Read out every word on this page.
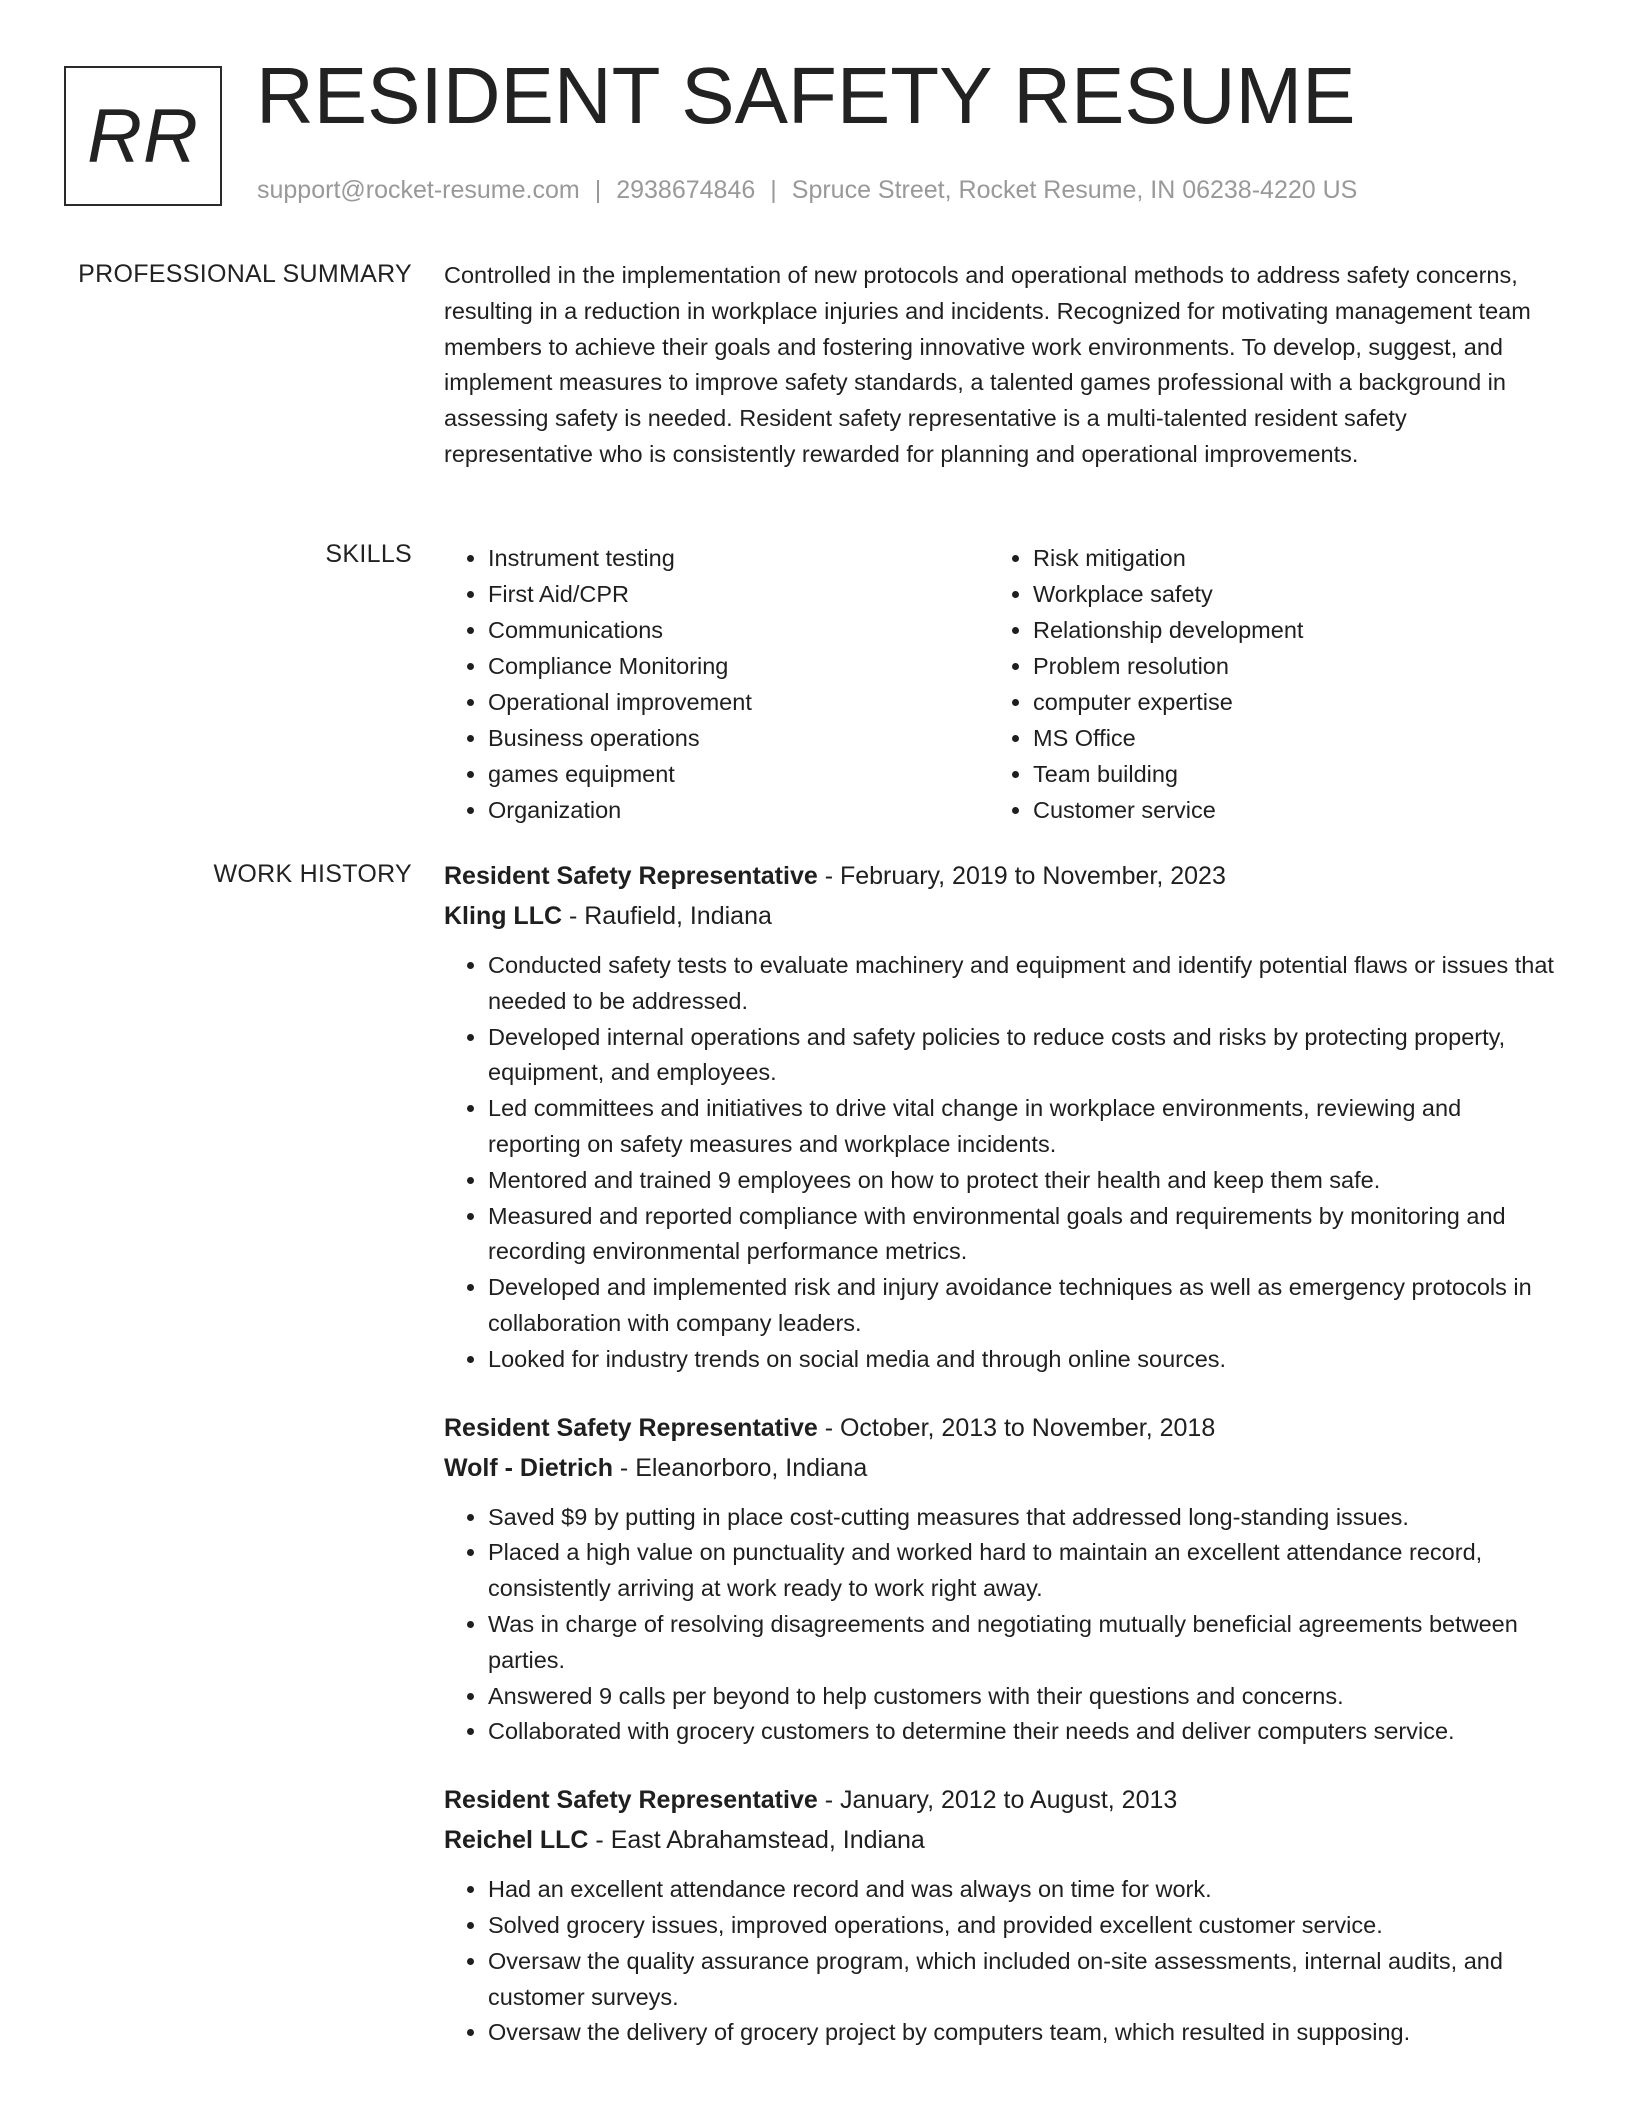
RR RESIDENT SAFETY RESUME
support@rocket-resume.com | 2938674846 | Spruce Street, Rocket Resume, IN 06238-4220 US
PROFESSIONAL SUMMARY Controlled in the implementation of new protocols and operational methods to address safety concerns, resulting in a reduction in workplace injuries and incidents. Recognized for motivating management team members to achieve their goals and fostering innovative work environments. To develop, suggest, and implement measures to improve safety standards, a talented games professional with a background in assessing safety is needed. Resident safety representative is a multi-talented resident safety representative who is consistently rewarded for planning and operational improvements.

SKILLS
•	Instrument testing
• First Aid/CPR
• Communications
• Compliance Monitoring
• Operational improvement
• Business operations
• games equipment
• Organization
• Risk mitigation
• Workplace safety
• Relationship development
• Problem resolution
• computer expertise
• MS Office
• Team building
• Customer service
WORK HISTORY Resident Safety Representative - February, 2019 to November, 2023
Kling LLC - Raufield, Indiana
• Conducted safety tests to evaluate machinery and equipment and identify potential flaws or issues that needed to be addressed.
• Developed internal operations and safety policies to reduce costs and risks by protecting property, equipment, and employees.
• Led committees and initiatives to drive vital change in workplace environments, reviewing and reporting on safety measures and workplace incidents.
• Mentored and trained 9 employees on how to protect their health and keep them safe.
• Measured and reported compliance with environmental goals and requirements by monitoring and recording environmental performance metrics.
• Developed and implemented risk and injury avoidance techniques as well as emergency protocols in collaboration with company leaders.
• Looked for industry trends on social media and through online sources.
Resident Safety Representative - October, 2013 to November, 2018
Wolf - Dietrich - Eleanorboro, Indiana
• Saved $9 by putting in place cost-cutting measures that addressed long-standing issues.
• Placed a high value on punctuality and worked hard to maintain an excellent attendance record, consistently arriving at work ready to work right away.
• Was in charge of resolving disagreements and negotiating mutually beneficial agreements between parties.
• Answered 9 calls per beyond to help customers with their questions and concerns.
• Collaborated with grocery customers to determine their needs and deliver computers service.
Resident Safety Representative - January, 2012 to August, 2013
Reichel LLC - East Abrahamstead, Indiana
• Had an excellent attendance record and was always on time for work.
• Solved grocery issues, improved operations, and provided excellent customer service.
• Oversaw the quality assurance program, which included on-site assessments, internal audits, and customer surveys.
• Oversaw the delivery of grocery project by computers team, which resulted in supposing.
